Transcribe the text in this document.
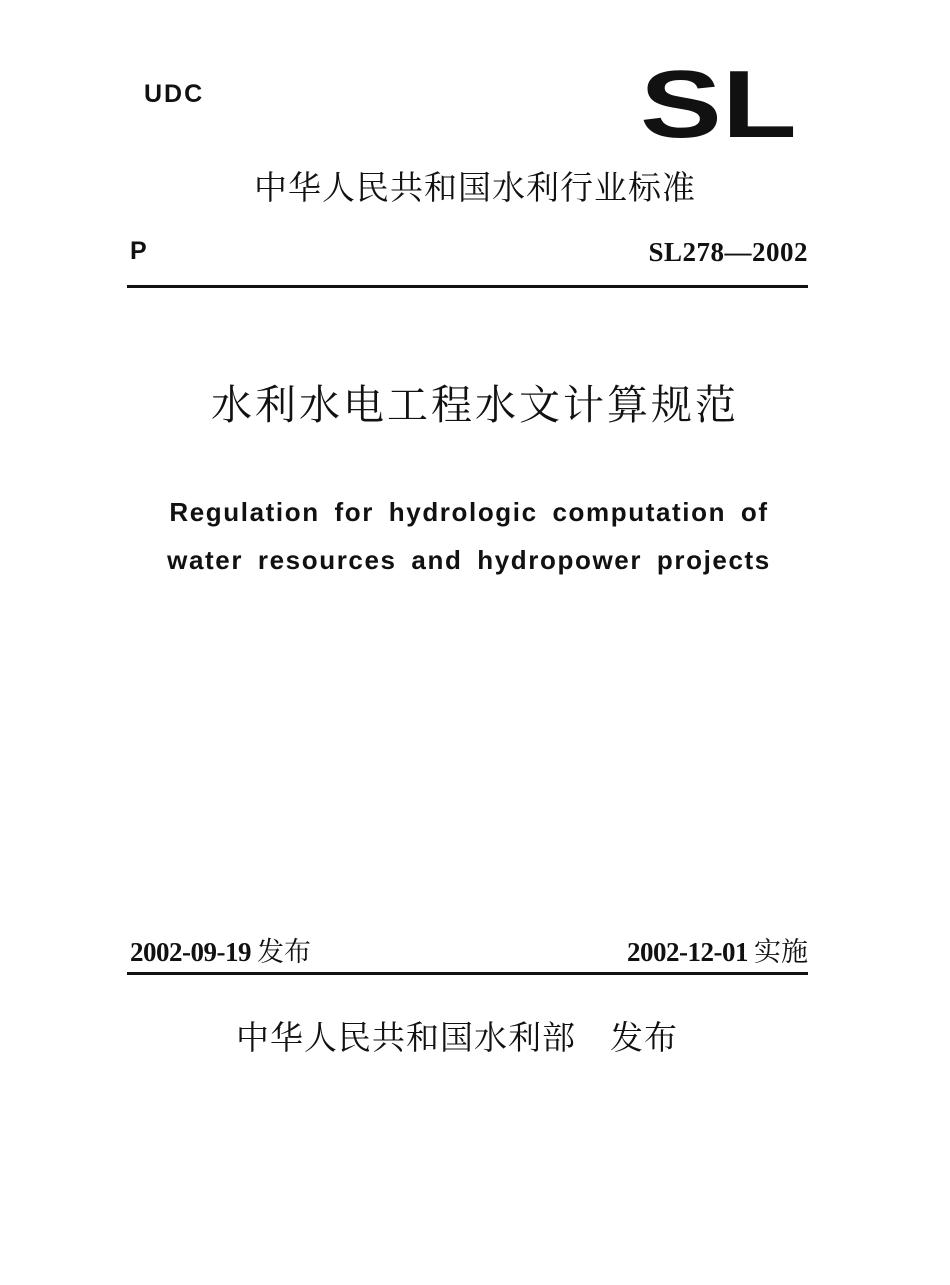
UDC	SL
中华人民共和国水利行业标准
P	SL278—2002
水利水电工程水文计算规范
Regulation for hydrologic computation of
water resources and hydropower projects
2002-09-19 发布	2002-12-01 实施
中华人民共和国水利部 发布
